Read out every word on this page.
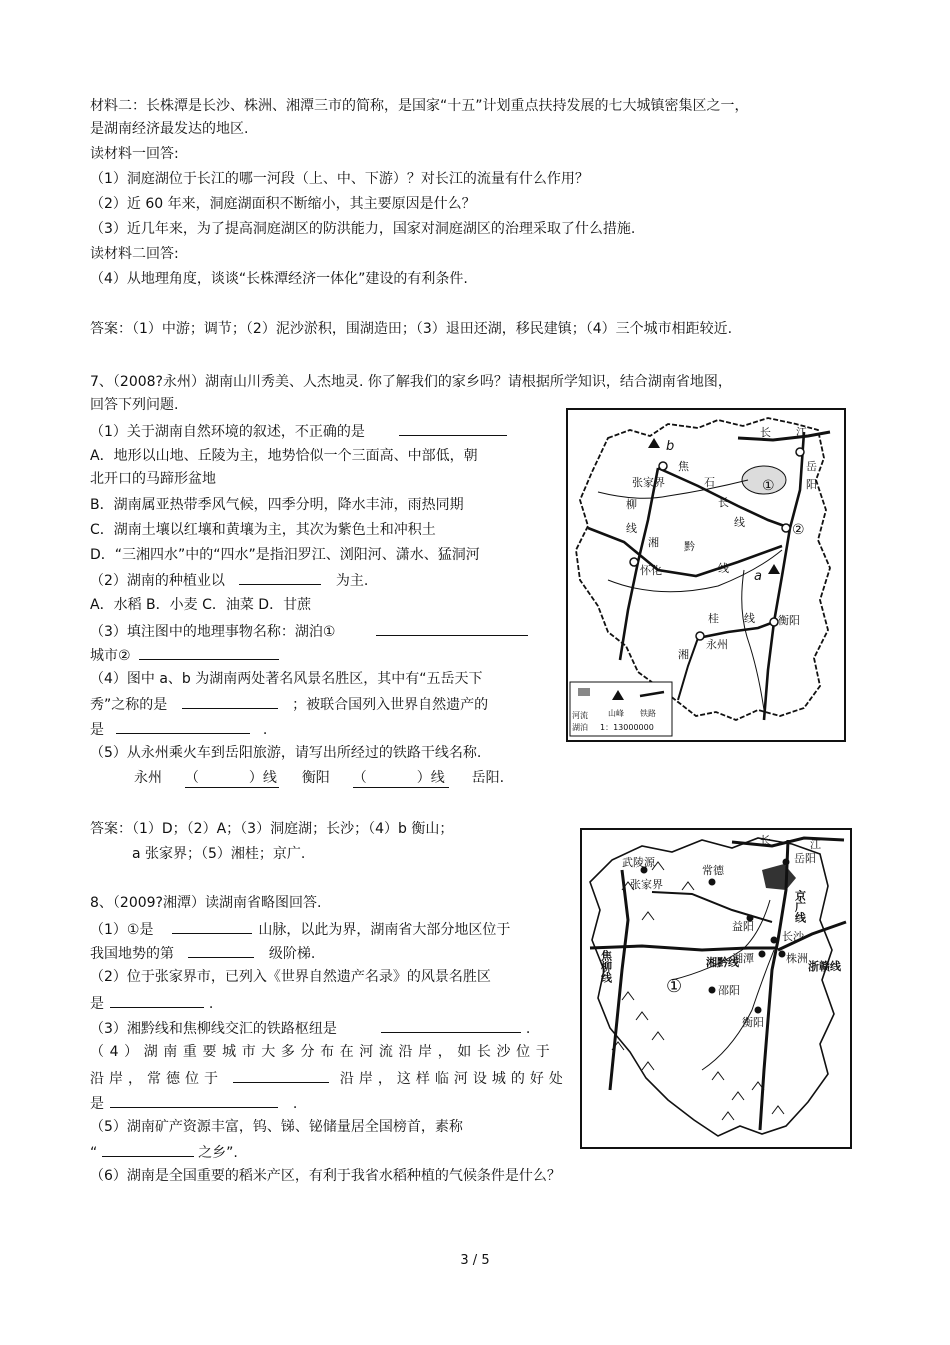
材料二：长株潭是长沙、株洲、湘潭三市的简称，是国家“十五”计划重点扶持发展的七大城镇密集区之一，
是湖南经济最发达的地区.
读材料一回答:
（1）洞庭湖位于长江的哪一河段（上、中、下游）？对长江的流量有什么作用？
（2）近 60 年来，洞庭湖面积不断缩小，其主要原因是什么？
（3）近几年来，为了提高洞庭湖区的防洪能力，国家对洞庭湖区的治理采取了什么措施.
读材料二回答:
（4）从地理角度，谈谈“长株潭经济一体化”建设的有利条件.
答案：（1）中游；调节；（2）泥沙淤积，围湖造田；（3）退田还湖，移民建镇；（4）三个城市相距较近.
7、（2008?永州）湖南山川秀美、人杰地灵. 你了解我们的家乡吗？请根据所学知识，结合湖南省地图，
回答下列问题.
（1）关于湖南自然环境的叙述，不正确的是
A．地形以山地、丘陵为主，地势恰似一个三面高、中部低，朝
北开口的马蹄形盆地
B．湖南属亚热带季风气候，四季分明，降水丰沛，雨热同期
C．湖南土壤以红壤和黄壤为主，其次为紫色土和冲积土
D．“三湘四水”中的“四水”是指汨罗江、浏阳河、潇水、猛洞河
（2）湖南的种植业以	为主.
A．水稻 B．小麦 C．油菜 D．甘蔗
（3）填注图中的地理事物名称：湖泊①
城市②
（4）图中 a、b 为湖南两处著名风景名胜区，其中有“五岳天下
秀”之称的是	；被联合国列入世界自然遗产的
是	.
（5）从永州乘火车到岳阳旅游，请写出所经过的铁路干线名称.
永州 （	）线 衡阳 （	）线 岳阳.
答案：（1）D；（2）A；（3）洞庭湖；长沙；（4）b 衡山；
a 张家界；（5）湘桂；京广.
长 江
岳
阳
焦
张家界	石
长
线
柳
湘 黔
线
线
怀化	a
b
①
②
衡阳
桂 线
永州
湘
河流
湖泊
山峰 铁路
1：13000000
8、（2009?湘潭）读湖南省略图回答.
（1）①是	山脉，以此为界，湖南省大部分地区位于
我国地势的第	级阶梯.
（2）位于张家界市，已列入《世界自然遗产名录》的风景名胜区
是	.
（3）湘黔线和焦柳线交汇的铁路枢纽是	.
（4）湖南重要城市大多分布在河流沿岸，如长沙位于
沿岸，常德位于	沿岸，这样临河设城的好处
是	.
（5）湖南矿产资源丰富，钨、锑、铋储量居全国榜首，素称
“	之乡”.
（6）湖南是全国重要的稻米产区，有利于我省水稻种植的气候条件是什么？
长	江
武陵源
张家界
常德
岳阳
益阳
长沙
湘潭	株洲
湘黔线	浙赣线
焦柳线
京广线
邵阳
衡阳
①
3 / 5
